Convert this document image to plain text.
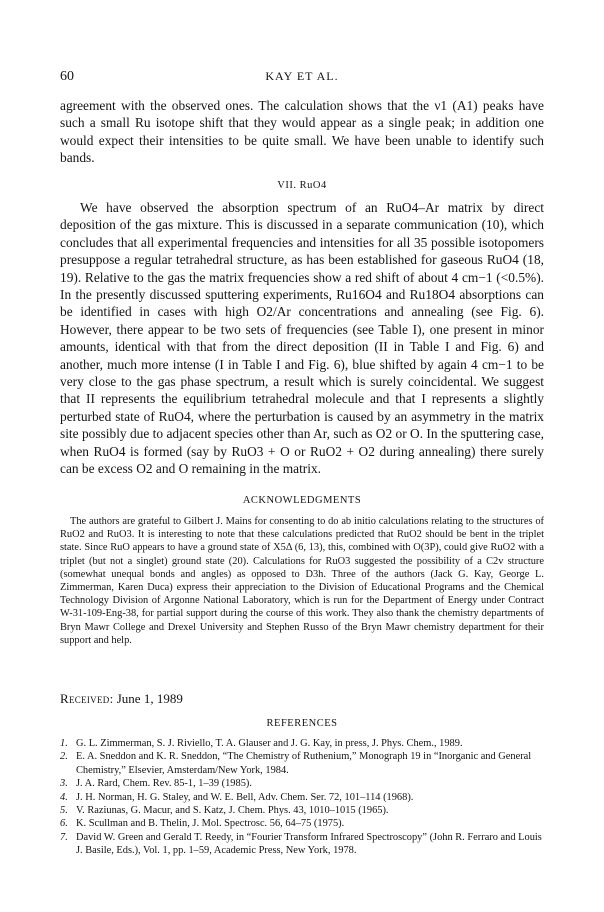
60	KAY ET AL.

agreement with the observed ones. The calculation shows that the ν1 (A1) peaks have such a small Ru isotope shift that they would appear as a single peak; in addition one would expect their intensities to be quite small. We have been unable to identify such bands.

VII. RuO4

We have observed the absorption spectrum of an RuO4–Ar matrix by direct deposition of the gas mixture. This is discussed in a separate communication (10), which concludes that all experimental frequencies and intensities for all 35 possible isotopomers presuppose a regular tetrahedral structure, as has been established for gaseous RuO4 (18, 19). Relative to the gas the matrix frequencies show a red shift of about 4 cm−1 (<0.5%). In the presently discussed sputtering experiments, Ru16O4 and Ru18O4 absorptions can be identified in cases with high O2/Ar concentrations and annealing (see Fig. 6). However, there appear to be two sets of frequencies (see Table I), one present in minor amounts, identical with that from the direct deposition (II in Table I and Fig. 6) and another, much more intense (I in Table I and Fig. 6), blue shifted by again 4 cm−1 to be very close to the gas phase spectrum, a result which is surely coincidental. We suggest that II represents the equilibrium tetrahedral molecule and that I represents a slightly perturbed state of RuO4, where the perturbation is caused by an asymmetry in the matrix site possibly due to adjacent species other than Ar, such as O2 or O. In the sputtering case, when RuO4 is formed (say by RuO3 + O or RuO2 + O2 during annealing) there surely can be excess O2 and O remaining in the matrix.

ACKNOWLEDGMENTS

The authors are grateful to Gilbert J. Mains for consenting to do ab initio calculations relating to the structures of RuO2 and RuO3. It is interesting to note that these calculations predicted that RuO2 should be bent in the triplet state. Since RuO appears to have a ground state of X5Δ (6, 13), this, combined with O(3P), could give RuO2 with a triplet (but not a singlet) ground state (20). Calculations for RuO3 suggested the possibility of a C2v structure (somewhat unequal bonds and angles) as opposed to D3h. Three of the authors (Jack G. Kay, George L. Zimmerman, Karen Duca) express their appreciation to the Division of Educational Programs and the Chemical Technology Division of Argonne National Laboratory, which is run for the Department of Energy under Contract W-31-109-Eng-38, for partial support during the course of this work. They also thank the chemistry departments of Bryn Mawr College and Drexel University and Stephen Russo of the Bryn Mawr chemistry department for their support and help.

Received: June 1, 1989
REFERENCES

1. G. L. Zimmerman, S. J. Riviello, T. A. Glauser and J. G. Kay, in press, J. Phys. Chem., 1989.

2. E. A. Sneddon and K. R. Sneddon, “The Chemistry of Ruthenium,” Monograph 19 in “Inorganic and General Chemistry,” Elsevier, Amsterdam/New York, 1984.

3. J. A. Rard, Chem. Rev. 85-1, 1–39 (1985).

4. J. H. Norman, H. G. Staley, and W. E. Bell, Adv. Chem. Ser. 72, 101–114 (1968).

5. V. Raziunas, G. Macur, and S. Katz, J. Chem. Phys. 43, 1010–1015 (1965).

6. K. Scullman and B. Thelin, J. Mol. Spectrosc. 56, 64–75 (1975).

7. David W. Green and Gerald T. Reedy, in “Fourier Transform Infrared Spectroscopy” (John R. Ferraro and Louis J. Basile, Eds.), Vol. 1, pp. 1–59, Academic Press, New York, 1978.
